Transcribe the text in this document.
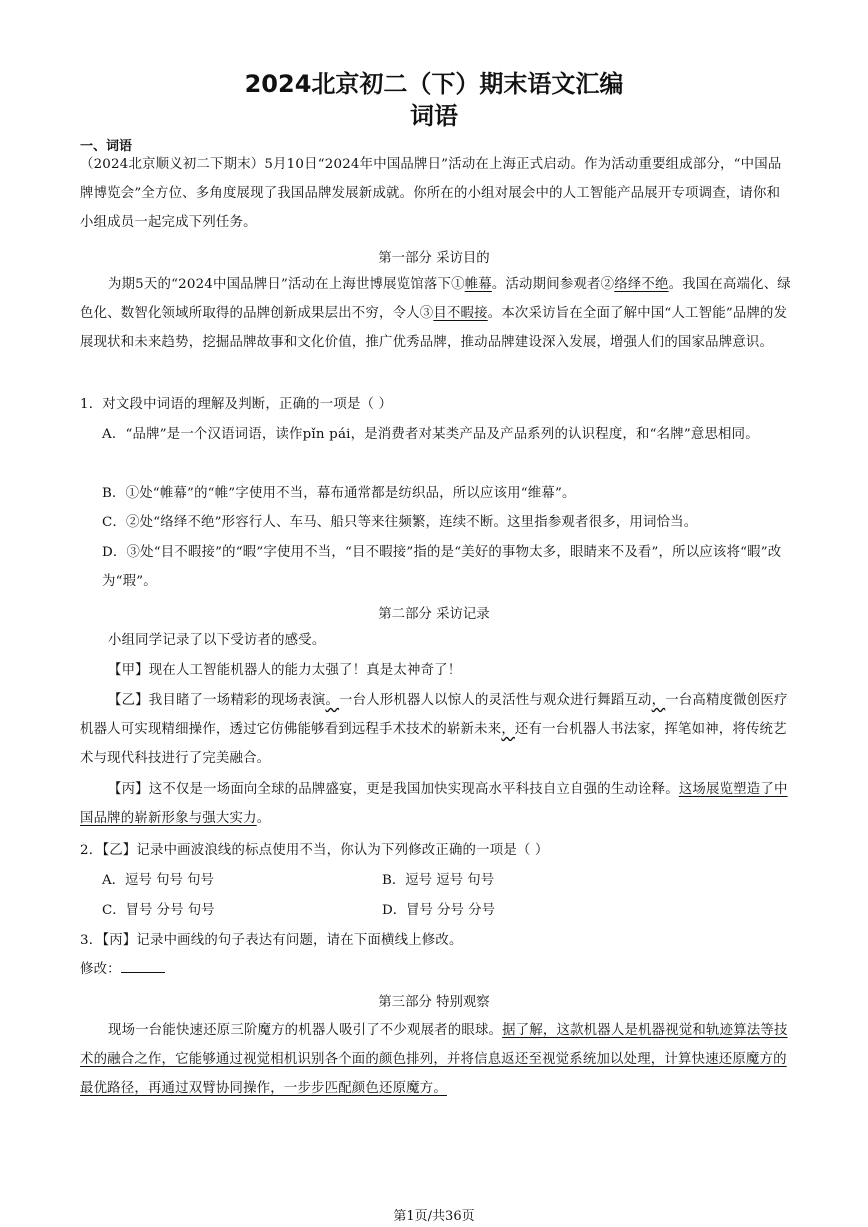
2024北京初二（下）期末语文汇编
词语
一、词语
（2024北京顺义初二下期末）5月10日“2024年中国品牌日”活动在上海正式启动。作为活动重要组成部分，“中国品牌博览会”全方位、多角度展现了我国品牌发展新成就。你所在的小组对展会中的人工智能产品展开专项调查，请你和小组成员一起完成下列任务。
第一部分 采访目的
为期5天的“2024中国品牌日”活动在上海世博展览馆落下①帷幕。活动期间参观者②络绎不绝。我国在高端化、绿色化、数智化领域所取得的品牌创新成果层出不穷，令人③目不暇接。本次采访旨在全面了解中国“人工智能”品牌的发展现状和未来趋势，挖掘品牌故事和文化价值，推广优秀品牌，推动品牌建设深入发展，增强人们的国家品牌意识。
1．对文段中词语的理解及判断，正确的一项是（ ）
A．“品牌”是一个汉语词语，读作pǐn pái，是消费者对某类产品及产品系列的认识程度，和“名牌”意思相同。
B．①处“帷幕”的“帷”字使用不当，幕布通常都是纺织品，所以应该用“维幕”。
C．②处“络绎不绝”形容行人、车马、船只等来往频繁，连续不断。这里指参观者很多，用词恰当。
D．③处“目不暇接”的“暇”字使用不当，“目不暇接”指的是“美好的事物太多，眼睛来不及看”，所以应该将“暇”改为“瑕”。
第二部分 采访记录
小组同学记录了以下受访者的感受。
【甲】现在人工智能机器人的能力太强了！真是太神奇了！
【乙】我目睹了一场精彩的现场表演。一台人形机器人以惊人的灵活性与观众进行舞蹈互动，一台高精度微创医疗机器人可实现精细操作，透过它仿佛能够看到远程手术技术的崭新未来，还有一台机器人书法家，挥笔如神，将传统艺术与现代科技进行了完美融合。
【丙】这不仅是一场面向全球的品牌盛宴，更是我国加快实现高水平科技自立自强的生动诠释。这场展览塑造了中国品牌的崭新形象与强大实力。
2．【乙】记录中画波浪线的标点使用不当，你认为下列修改正确的一项是（ ）
A．逗号 句号 句号	B．逗号 逗号 句号
C．冒号 分号 句号	D．冒号 分号 分号
3．【丙】记录中画线的句子表达有问题，请在下面横线上修改。
修改：
第三部分 特别观察
现场一台能快速还原三阶魔方的机器人吸引了不少观展者的眼球。据了解，这款机器人是机器视觉和轨迹算法等技术的融合之作，它能够通过视觉相机识别各个面的颜色排列，并将信息返还至视觉系统加以处理，计算快速还原魔方的最优路径，再通过双臂协同操作，一步步匹配颜色还原魔方。
第1页/共36页
